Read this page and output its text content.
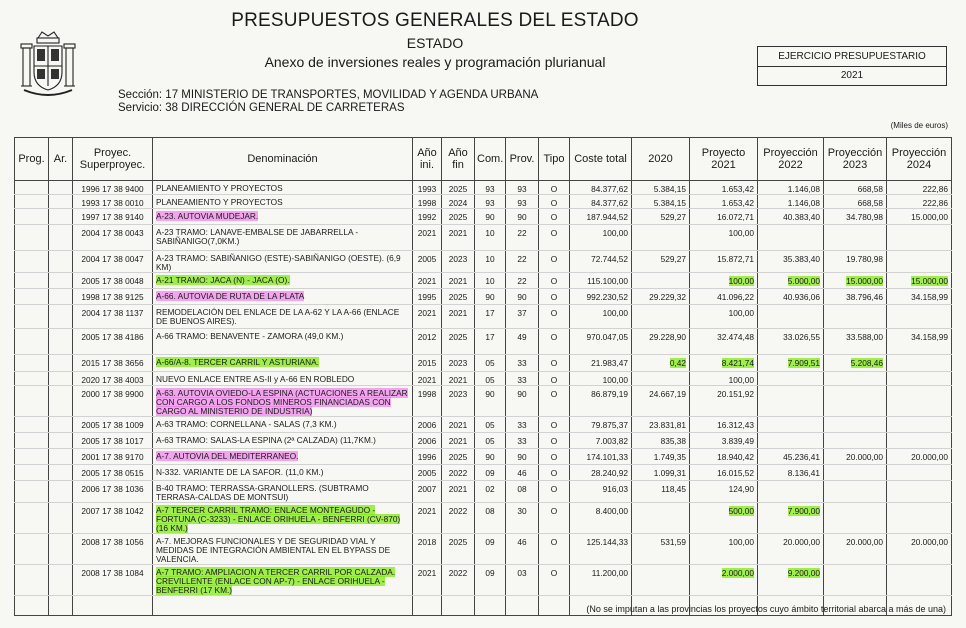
PRESUPUESTOS GENERALES DEL ESTADO
ESTADO
Anexo de inversiones reales y programación plurianual	EJERCICIO PRESUPUESTARIO
2021
Sección: 17 MINISTERIO DE TRANSPORTES, MOVILIDAD Y AGENDA URBANA
Servicio: 38 DIRECCIÓN GENERAL DE CARRETERAS
(Miles de euros)
Prog.	Ar.	Proyec. Superproyec.	Denominación	Año ini.	Año fin	Com.	Prov.	Tipo	Coste total	2020	Proyecto 2021	Proyección 2022	Proyección 2023	Proyección 2024
		1996 17 38 9400	PLANEAMIENTO Y PROYECTOS	1993	2025	93	93	O	84.377,62	5.384,15	1.653,42	1.146,08	668,58	222,86
		1993 17 38 0010	PLANEAMIENTO Y PROYECTOS	1998	2024	93	93	O	84.377,62	5.384,15	1.653,42	1.146,08	668,58	222,86
		1997 17 38 9140	A-23. AUTOVIA MUDEJAR.	1992	2025	90	90	O	187.944,52	529,27	16.072,71	40.383,40	34.780,98	15.000,00
		2004 17 38 0043	A-23 TRAMO: LANAVE-EMBALSE DE JABARRELLA - SABIÑANIGO(7,0KM.)	2021	2021	10	22	O	100,00		100,00			
		2004 17 38 0047	A-23 TRAMO: SABIÑANIGO (ESTE)-SABIÑANIGO (OESTE). (6,9 KM)	2005	2023	10	22	O	72.744,52	529,27	15.872,71	35.383,40	19.780,98	
		2005 17 38 0048	A-21 TRAMO: JACA (N) - JACA (O).	2021	2021	10	22	O	115.100,00		100,00	5.000,00	15.000,00	15.000,00
		1998 17 38 9125	A-66. AUTOVIA DE RUTA DE LA PLATA	1995	2025	90	90	O	992.230,52	29.229,32	41.096,22	40.936,06	38.796,46	34.158,99
		2004 17 38 1137	REMODELACIÓN DEL ENLACE DE LA A-62 Y LA A-66 (ENLACE DE BUENOS AIRES).	2021	2021	17	37	O	100,00		100,00			
		2005 17 38 4186	A-66 TRAMO: BENAVENTE - ZAMORA (49,0 KM.)	2012	2025	17	49	O	970.047,05	29.228,90	32.474,48	33.026,55	33.588,00	34.158,99
		2015 17 38 3656	A-66/A-8. TERCER CARRIL Y ASTURIANA.	2015	2023	05	33	O	21.983,47	0,42	8.421,74	7.909,51	5.208,46	
		2020 17 38 4003	NUEVO ENLACE ENTRE AS-II y A-66 EN ROBLEDO	2021	2021	05	33	O	100,00		100,00			
		2000 17 38 9900	A-63. AUTOVIA OVIEDO-LA ESPINA (ACTUACIONES A REALIZAR CON CARGO A LOS FONDOS MINEROS FINANCIADAS CON CARGO AL MINISTERIO DE INDUSTRIA)	1998	2023	90	90	O	86.879,19	24.667,19	20.151,92			
		2005 17 38 1009	A-63 TRAMO: CORNELLANA - SALAS (7,3 KM.)	2006	2021	05	33	O	79.875,37	23.831,81	16.312,43			
		2005 17 38 1017	A-63 TRAMO: SALAS-LA ESPINA (2ª CALZADA) (11,7KM.)	2006	2021	05	33	O	7.003,82	835,38	3.839,49			
		2001 17 38 9170	A-7. AUTOVIA DEL MEDITERRANEO.	1996	2025	90	90	O	174.101,33	1.749,35	18.940,42	45.236,41	20.000,00	20.000,00
		2005 17 38 0515	N-332. VARIANTE DE LA SAFOR. (11,0 KM.)	2005	2022	09	46	O	28.240,92	1.099,31	16.015,52	8.136,41		
		2006 17 38 1036	B-40 TRAMO: TERRASSA-GRANOLLERS. (SUBTRAMO TERRASA-CALDAS DE MONTSUI)	2007	2021	02	08	O	916,03	118,45	124,90			
		2007 17 38 1042	A-7 TERCER CARRIL TRAMO: ENLACE MONTEAGUDO - FORTUNA (C-3233) - ENLACE ORIHUELA - BENFERRI (CV-870) (16 KM.)	2021	2022	08	30	O	8.400,00		500,00	7.900,00		
		2008 17 38 1056	A-7. MEJORAS FUNCIONALES Y DE SEGURIDAD VIAL Y MEDIDAS DE INTEGRACIÓN AMBIENTAL EN EL BYPASS DE VALENCIA.	2018	2025	09	46	O	125.144,33	531,59	100,00	20.000,00	20.000,00	20.000,00
		2008 17 38 1084	A-7 TRAMO: AMPLIACION A TERCER CARRIL POR CALZADA. CREVILLENTE (ENLACE CON AP-7) - ENLACE ORIHUELA - BENFERRI (17 KM.)	2021	2022	09	03	O	11.200,00		2.000,00	9.200,00		

(No se imputan a las provincias los proyectos cuyo ámbito territorial abarca a más de una)
